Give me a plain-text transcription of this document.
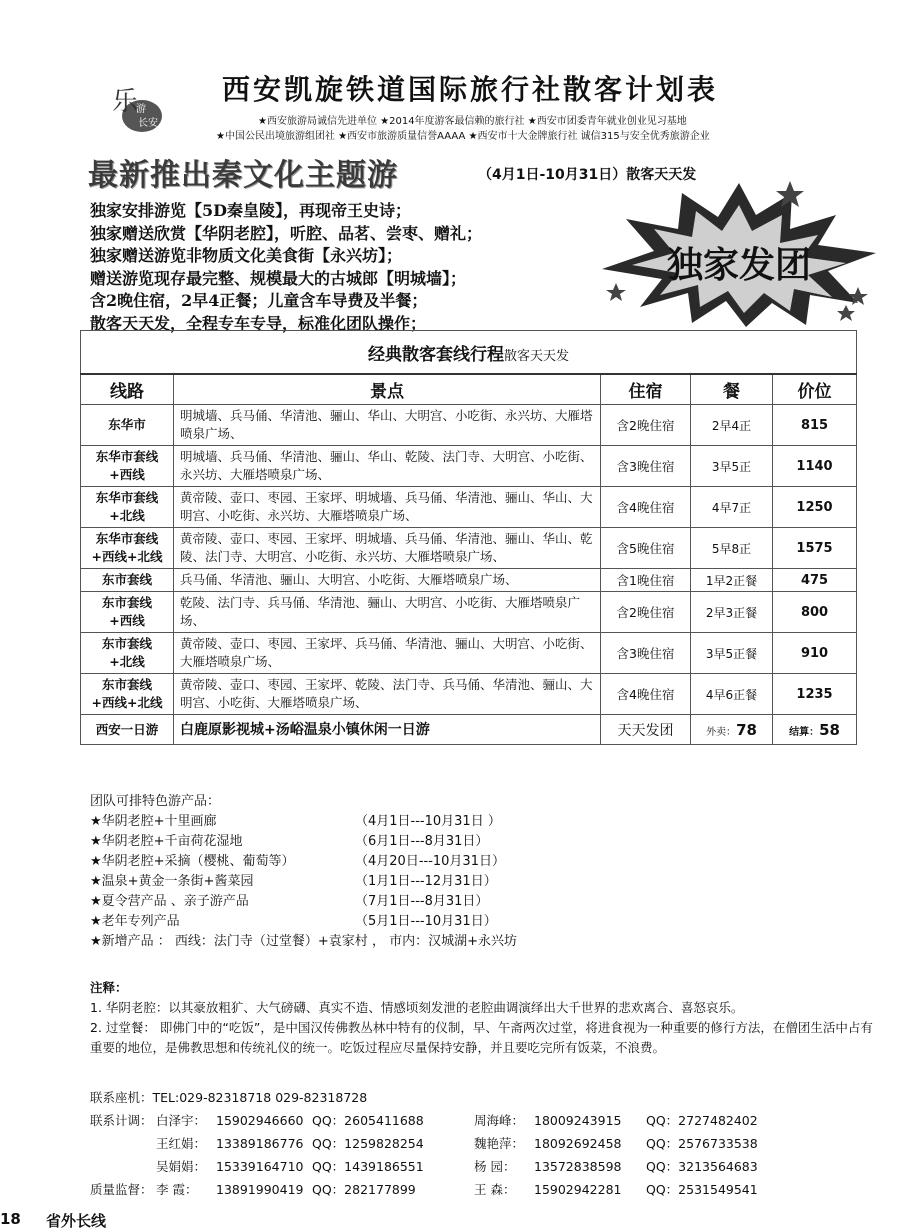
乐
游
长安
西安凯旋铁道国际旅行社散客计划表
★西安旅游局诚信先进单位 ★2014年度游客最信赖的旅行社 ★西安市团委青年就业创业见习基地
★中国公民出境旅游组团社 ★西安市旅游质量信誉AAAA ★西安市十大金牌旅行社 诚信315与安全优秀旅游企业
最新推出秦文化主题游	（4月1日-10月31日）散客天天发
独家安排游览【5D秦皇陵】，再现帝王史诗；
独家赠送欣赏【华阴老腔】，听腔、品茗、尝枣、赠礼；
独家赠送游览非物质文化美食街【永兴坊】；
赠送游览现存最完整、规模最大的古城郎【明城墙】；
含2晚住宿，2早4正餐；儿童含车导费及半餐；
散客天天发，全程专车专导，标准化团队操作；
独家发团
经典散客套线行程散客天天发				
线路	景点	住宿	餐	价位
东华市	明城墙、兵马俑、华清池、骊山、华山、大明宫、小吃街、永兴坊、大雁塔喷泉广场、	含2晚住宿	2早4正	815
东华市套线
+西线	明城墙、兵马俑、华清池、骊山、华山、乾陵、法门寺、大明宫、小吃街、永兴坊、大雁塔喷泉广场、	含3晚住宿	3早5正	1140
东华市套线
+北线	黄帝陵、壶口、枣园、王家坪、明城墙、兵马俑、华清池、骊山、华山、大明宫、小吃街、永兴坊、大雁塔喷泉广场、	含4晚住宿	4早7正	1250
东华市套线
+西线+北线	黄帝陵、壶口、枣园、王家坪、明城墙、兵马俑、华清池、骊山、华山、乾陵、法门寺、大明宫、小吃街、永兴坊、大雁塔喷泉广场、	含5晚住宿	5早8正	1575
东市套线	兵马俑、华清池、骊山、大明宫、小吃街、大雁塔喷泉广场、	含1晚住宿	1早2正餐	475
东市套线
+西线	乾陵、法门寺、兵马俑、华清池、骊山、大明宫、小吃街、大雁塔喷泉广场、	含2晚住宿	2早3正餐	800
东市套线
+北线	黄帝陵、壶口、枣园、王家坪、兵马俑、华清池、骊山、大明宫、小吃街、大雁塔喷泉广场、	含3晚住宿	3早5正餐	910
东市套线
+西线+北线	黄帝陵、壶口、枣园、王家坪、乾陵、法门寺、兵马俑、华清池、骊山、大明宫、小吃街、大雁塔喷泉广场、	含4晚住宿	4早6正餐	1235
西安一日游	白鹿原影视城+汤峪温泉小镇休闲一日游	天天发团	外卖：78	结算：58
团队可排特色游产品：
★华阴老腔+十里画廊	（4月1日---10月31日 ）
★华阴老腔+千亩荷花湿地	（6月1日---8月31日）
★华阴老腔+采摘（樱桃、葡萄等）	（4月20日---10月31日）
★温泉+黄金一条街+酱菜园	（1月1日---12月31日）
★夏令营产品 、亲子游产品	（7月1日---8月31日）
★老年专列产品	（5月1日---10月31日）
★新增产品 ： 西线：法门寺（过堂餐）+袁家村 ， 市内：汉城湖+永兴坊
注释：
1. 华阴老腔：以其豪放粗犷、大气磅礴、真实不造、情感顷刻发泄的老腔曲调演绎出大千世界的悲欢离合、喜怒哀乐。
2. 过堂餐： 即佛门中的“吃饭”，是中国汉传佛教丛林中特有的仪制，早、午斋两次过堂，将进食视为一种重要的修行方法，在僧团生活中占有重要的地位，是佛教思想和传统礼仪的统一。吃饭过程应尽量保持安静，并且要吃完所有饭菜，不浪费。
联系座机： TEL:029-82318718 029-82318728
联系计调： 白泽宇： 15902946660 QQ：2605411688	周海峰： 18009243915	QQ：2727482402
王红娟： 13389186776 QQ：1259828254	魏艳萍： 18092692458	QQ：2576733538
吴娟娟： 15339164710 QQ：1439186551	杨 园：	13572838598	QQ：3213564683
质量监督： 李 霞：	13891990419 QQ：282177899	王 森：	15902942281	QQ：2531549541
18 省外长线
